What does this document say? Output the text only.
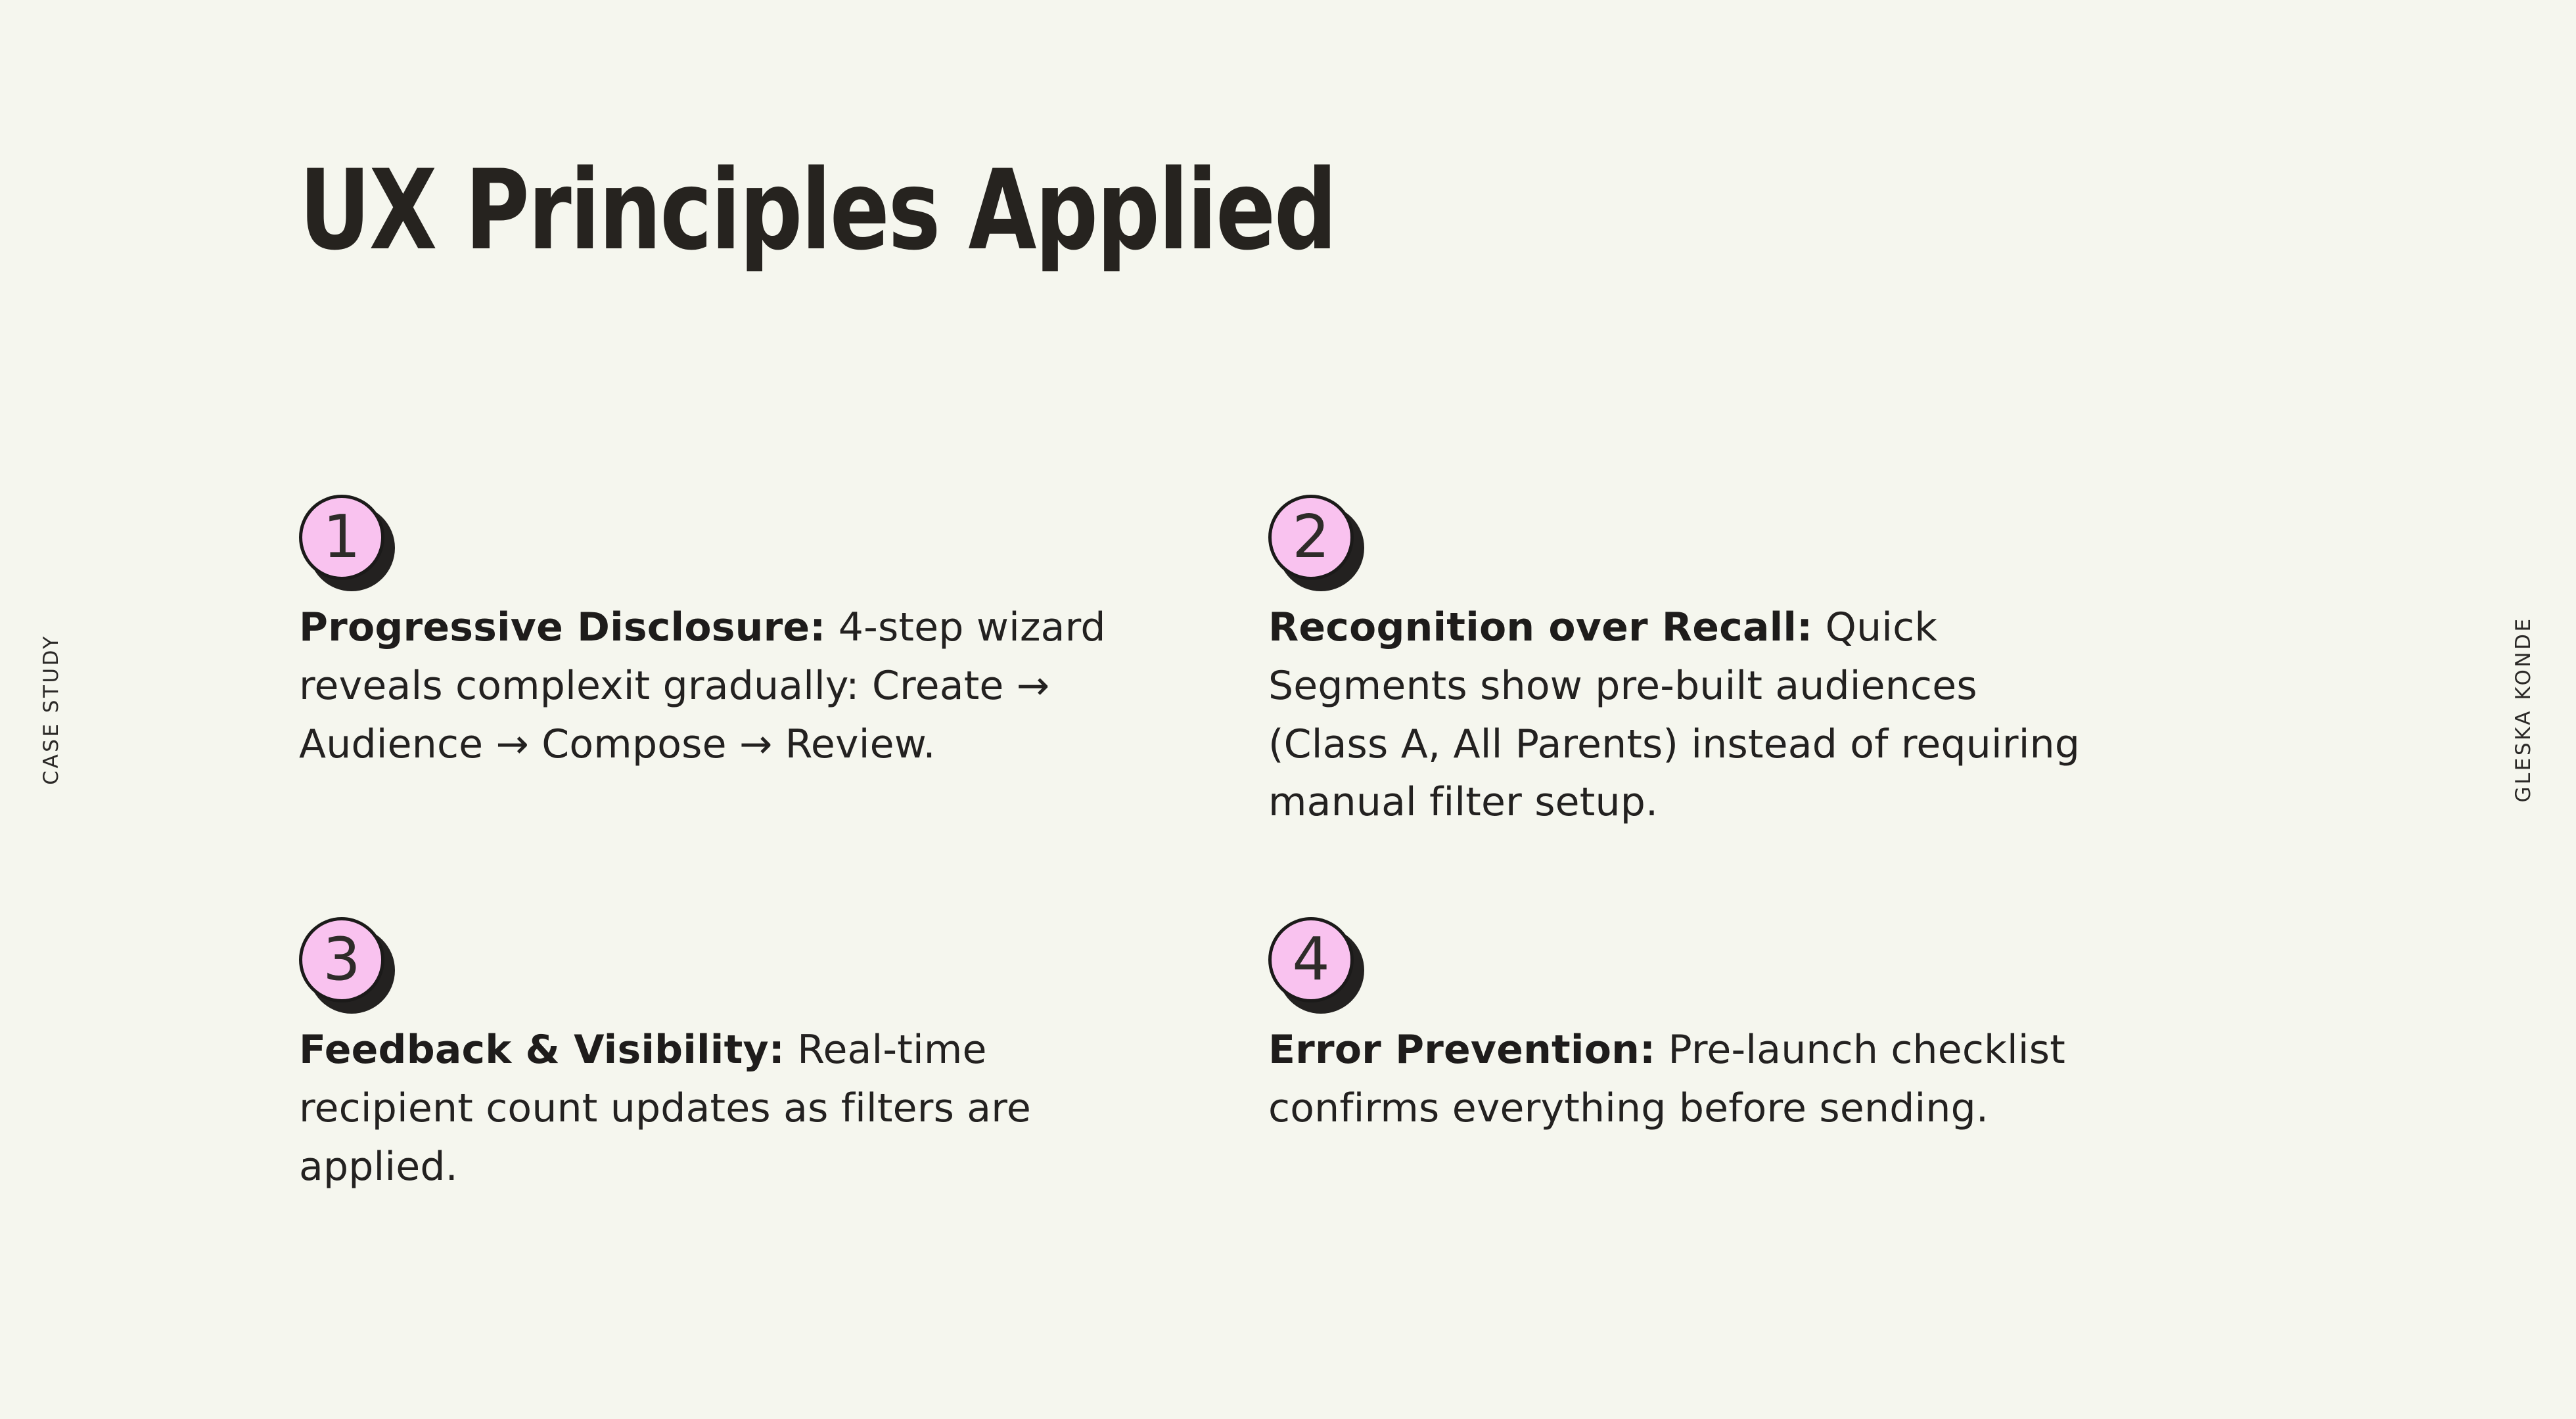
CASE STUDY	GLESKA KONDE
UX Principles Applied
1

Progressive Disclosure: 4-step wizard reveals complexit gradually: Create → Audience → Compose → Review.

2

Recognition over Recall: Quick Segments show pre-built audiences (Class A, All Parents) instead of requiring manual filter setup.

3

Feedback & Visibility: Real-time recipient count updates as filters are applied.

4

Error Prevention: Pre-launch checklist confirms everything before sending.
